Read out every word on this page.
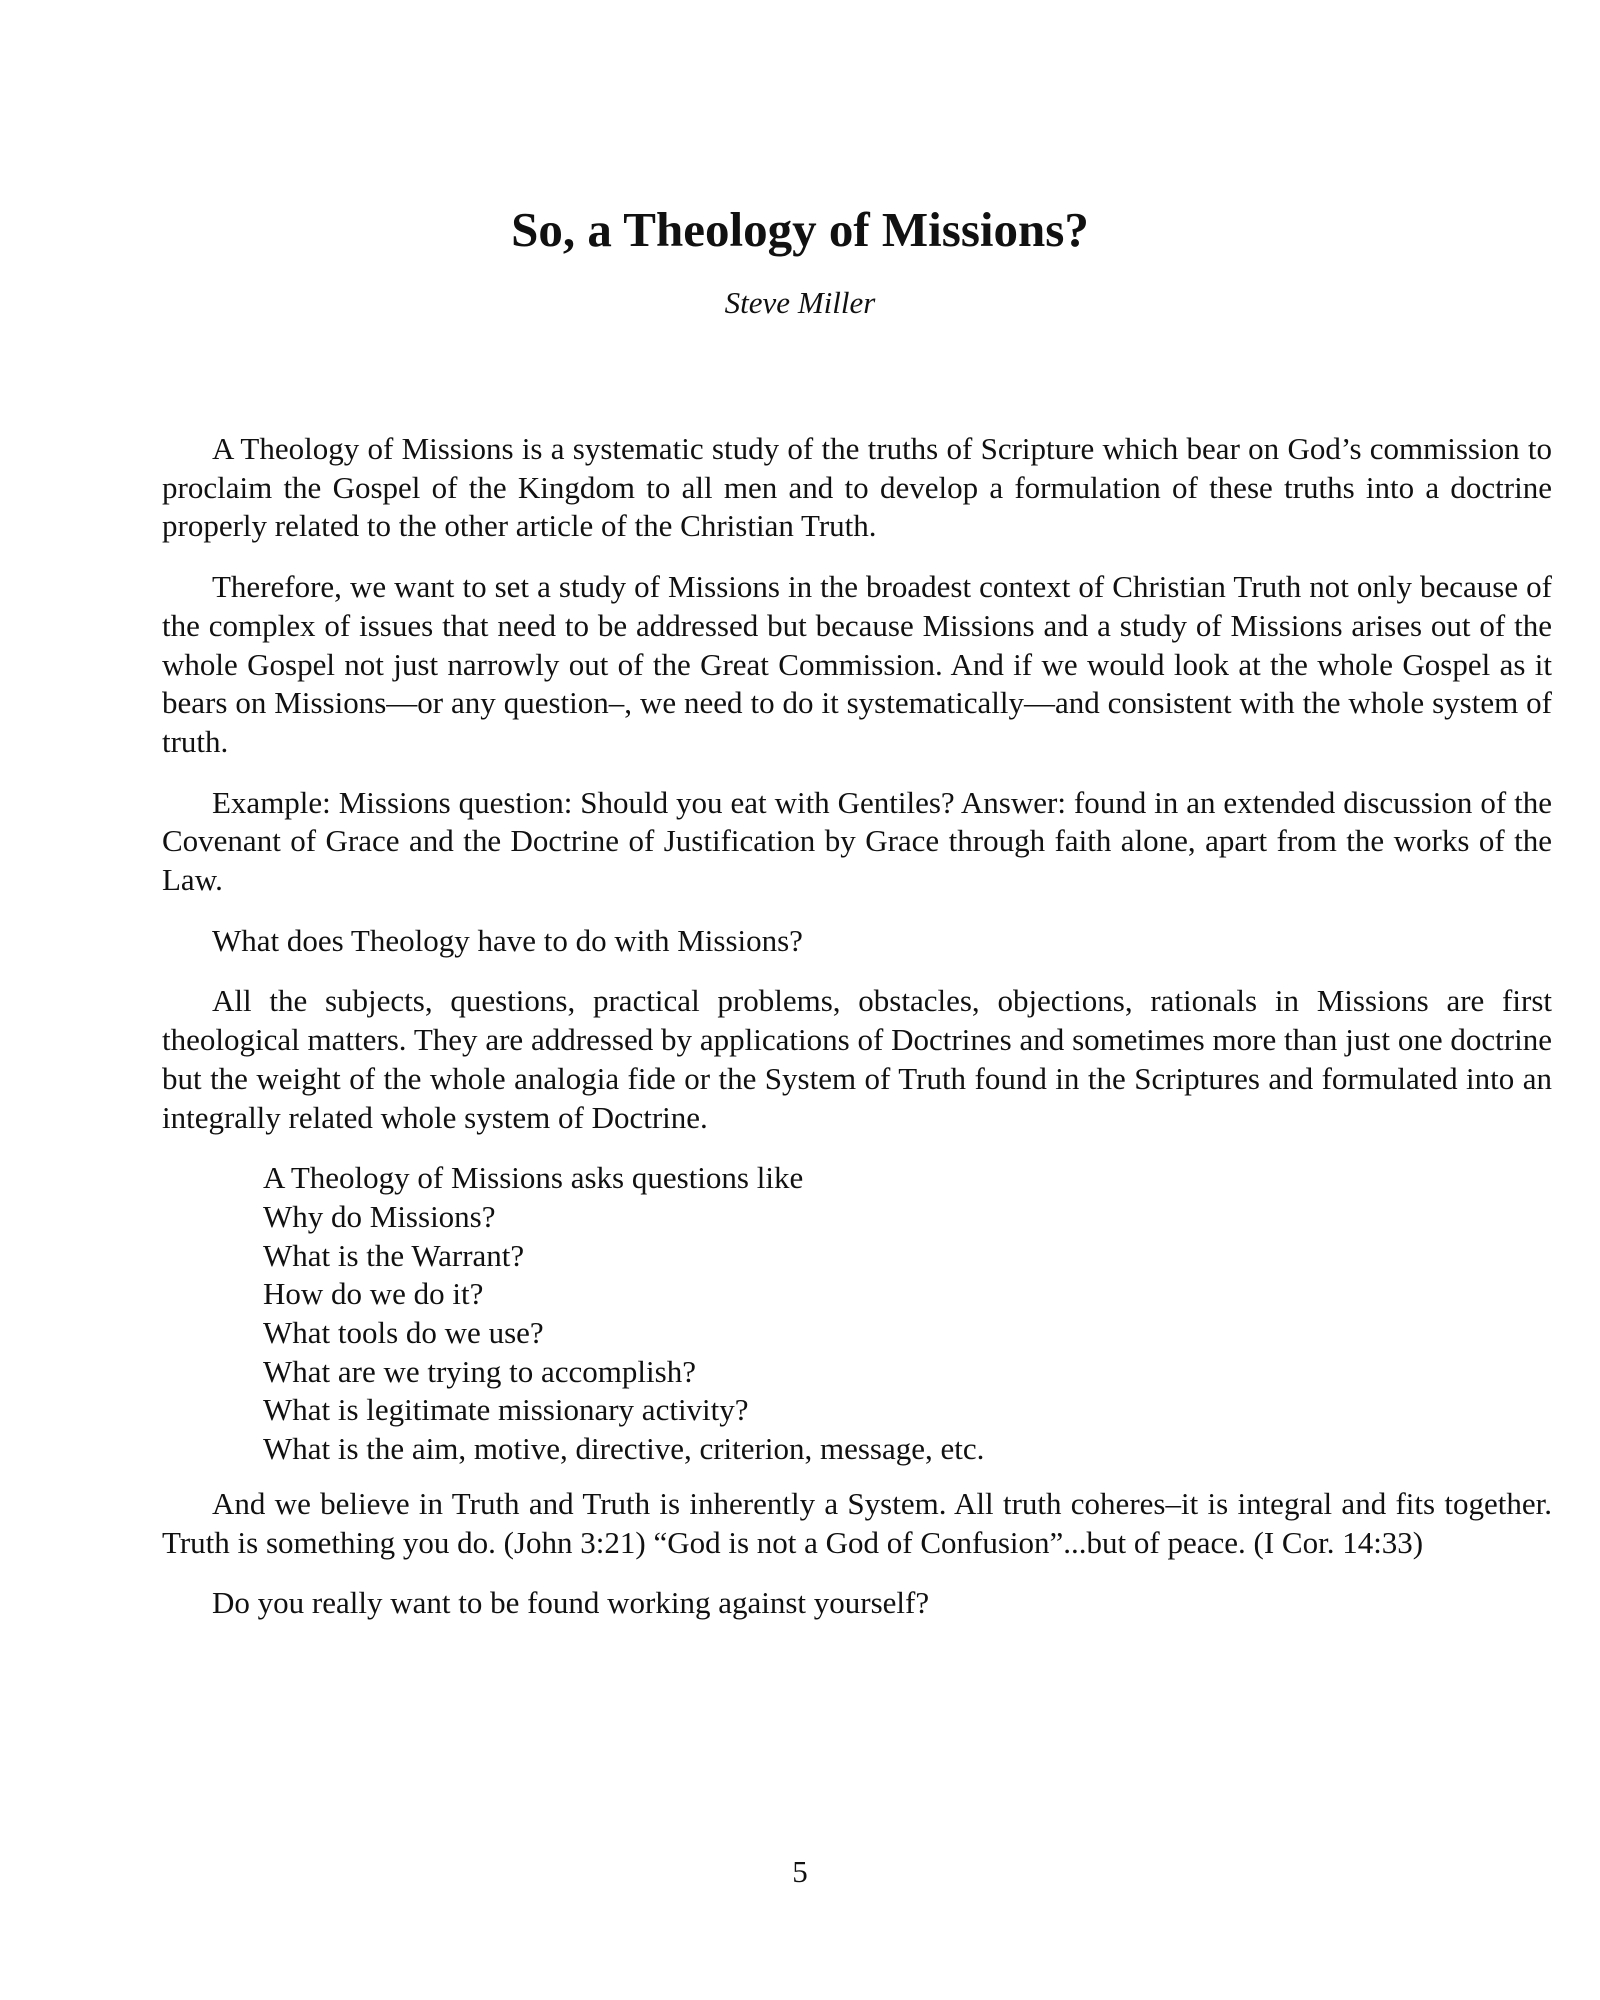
So, a Theology of Missions?
Steve Miller

A Theology of Missions is a systematic study of the truths of Scripture which bear on God’s commission to proclaim the Gospel of the Kingdom to all men and to develop a formulation of these truths into a doctrine properly related to the other article of the Christian Truth.

Therefore, we want to set a study of Missions in the broadest context of Christian Truth not only because of the complex of issues that need to be addressed but because Missions and a study of Missions arises out of the whole Gospel not just narrowly out of the Great Commission. And if we would look at the whole Gospel as it bears on Missions—or any question–, we need to do it systematically—and consistent with the whole system of truth.

Example: Missions question: Should you eat with Gentiles? Answer: found in an extended discussion of the Covenant of Grace and the Doctrine of Justification by Grace through faith alone, apart from the works of the Law.

What does Theology have to do with Missions?

All the subjects, questions, practical problems, obstacles, objections, rationals in Missions are first theological matters. They are addressed by applications of Doctrines and sometimes more than just one doctrine but the weight of the whole analogia fide or the System of Truth found in the Scriptures and formulated into an integrally related whole system of Doctrine.

A Theology of Missions asks questions like
Why do Missions?
What is the Warrant?
How do we do it?
What tools do we use?
What are we trying to accomplish?
What is legitimate missionary activity?
What is the aim, motive, directive, criterion, message, etc.

And we believe in Truth and Truth is inherently a System. All truth coheres–it is integral and fits together. Truth is something you do. (John 3:21) “God is not a God of Confusion”...but of peace. (I Cor. 14:33)

Do you really want to be found working against yourself?

5
